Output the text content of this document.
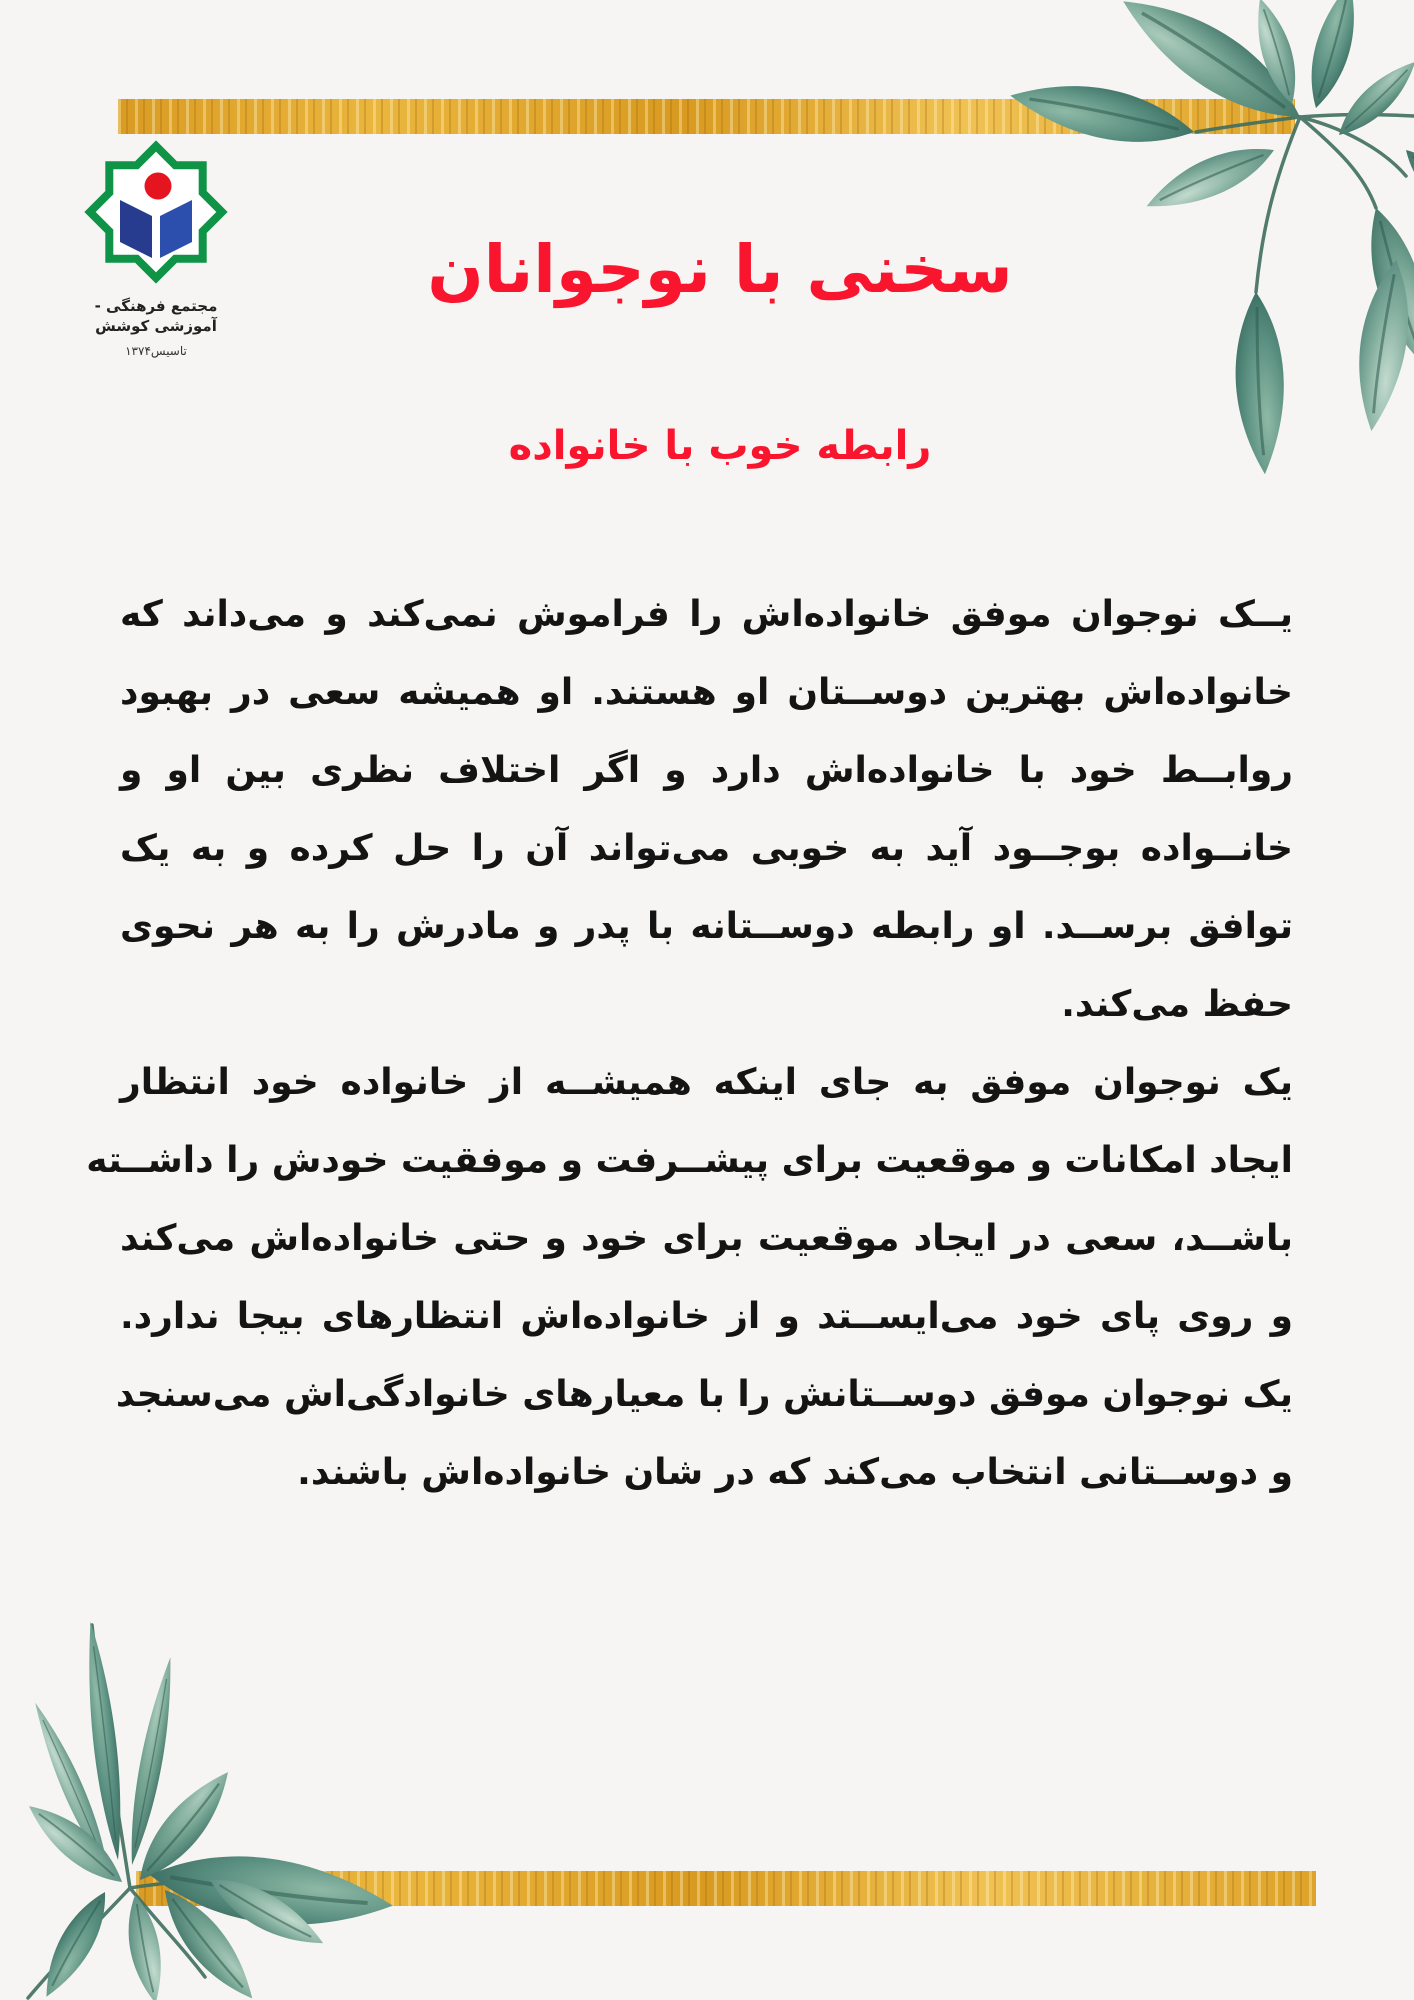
مجتمع فرهنگی - آموزشی کوشش
تاسیس۱۳۷۴
سخنی با نوجوانان
رابطه خوب با خانواده
یــک نوجوان موفق خانواده‌اش را فراموش نمی‌کند و می‌داند که
خانواده‌اش بهترین دوســتان او هستند. او همیشه سعی در بهبود
روابــط خود با خانواده‌اش دارد و اگر اختلاف نظری بین او و
خانــواده بوجــود آید به خوبی می‌تواند آن را حل کرده و به یک
توافق برســد. او رابطه دوســتانه با پدر و مادرش را به هر نحوی
حفظ می‌کند.
یک نوجوان موفق به جای اینکه همیشــه از خانواده خود انتظار
ایجاد امکانات و موقعیت برای پیشــرفت و موفقیت خودش را داشــته
باشــد، سعی در ایجاد موقعیت برای خود و حتی خانواده‌اش می‌کند
و روی پای خود می‌ایســتد و از خانواده‌اش انتظارهای بیجا ندارد.
یک نوجوان موفق دوســتانش را با معیارهای خانوادگی‌اش می‌سنجد
و دوســتانی انتخاب می‌کند که در شان خانواده‌اش باشند.
